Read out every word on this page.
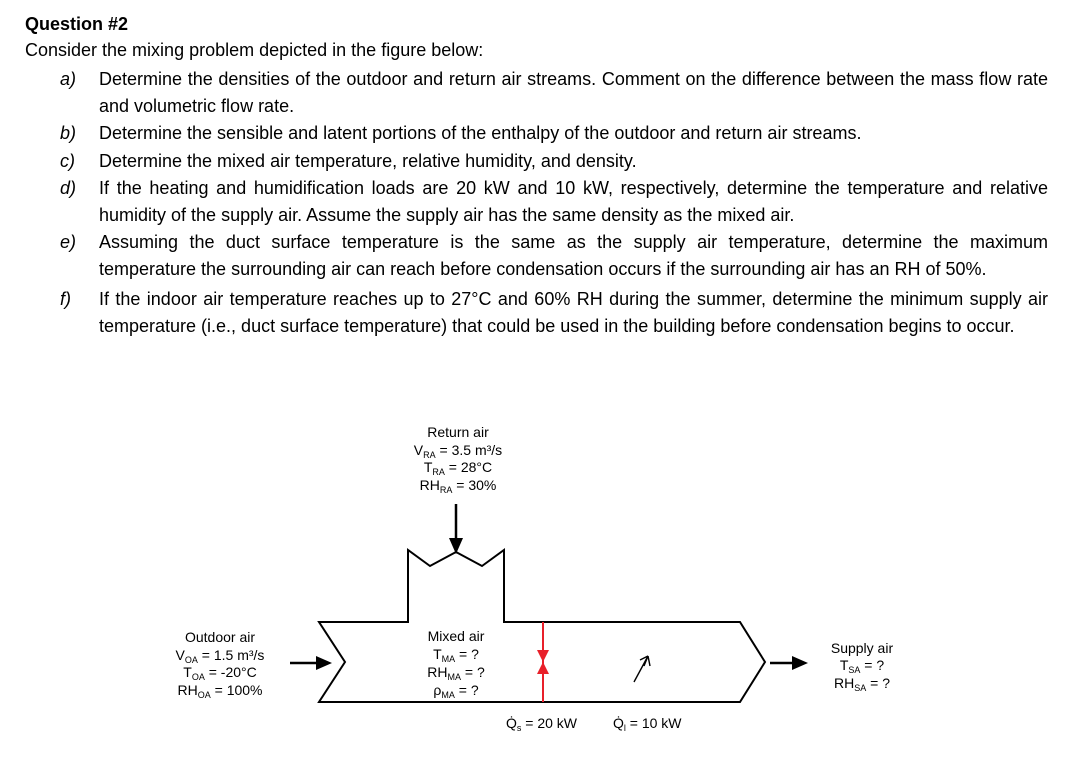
Question #2

Consider the mixing problem depicted in the figure below:

a) Determine the densities of the outdoor and return air streams. Comment on the difference between the mass flow rate and volumetric flow rate.
b) Determine the sensible and latent portions of the enthalpy of the outdoor and return air streams.
c) Determine the mixed air temperature, relative humidity, and density.
d) If the heating and humidification loads are 20 kW and 10 kW, respectively, determine the temperature and relative humidity of the supply air. Assume the supply air has the same density as the mixed air.
e) Assuming the duct surface temperature is the same as the supply air temperature, determine the maximum temperature the surrounding air can reach before condensation occurs if the surrounding air has an RH of 50%.
f) If the indoor air temperature reaches up to 27°C and 60% RH during the summer, determine the minimum supply air temperature (i.e., duct surface temperature) that could be used in the building before condensation begins to occur.
Return air
$V_{RA} = 3.5$ m³/s
$T_{RA} = 28^\circ C$
$RH_{RA} = 30\%$
Outdoor air
$V_{OA} = 1.5$ m³/s
$T_{OA} = -20^\circ C$
$RH_{OA} = 100\%$
Mixed air
$T_{MA}$ = ?
$RH_{MA}$ = ?
$\rho_{MA}$ = ?
Supply air
$T_{SA}$ = ?
$RH_{SA}$ = ?
$Q̇_s = 20$ kW	$Q̇_l = 10$ kW
